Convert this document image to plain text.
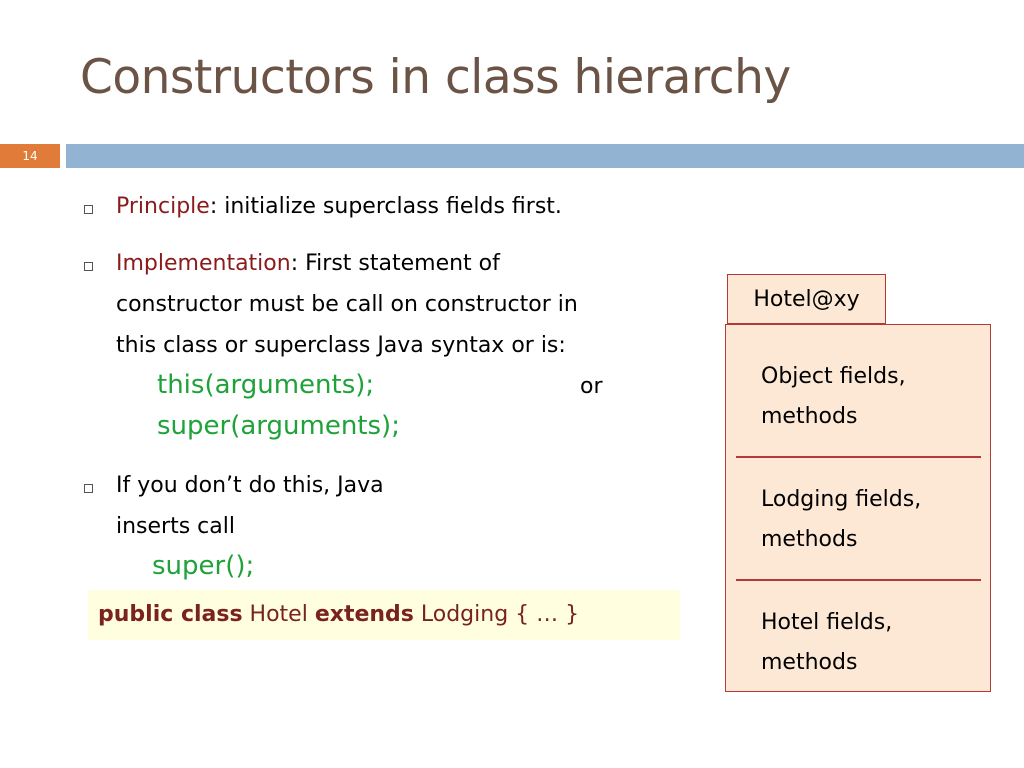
Constructors in class hierarchy
14
Principle: initialize superclass fields first.
Implementation: First statement of
constructor must be call on constructor in
this class or superclass Java syntax or is:
this(arguments);	or
super(arguments);
If you don’t do this, Java
inserts call
super();
public class Hotel extends Lodging { … }
Hotel@xy
Object fields,
methods
Lodging fields,
methods
Hotel fields,
methods
